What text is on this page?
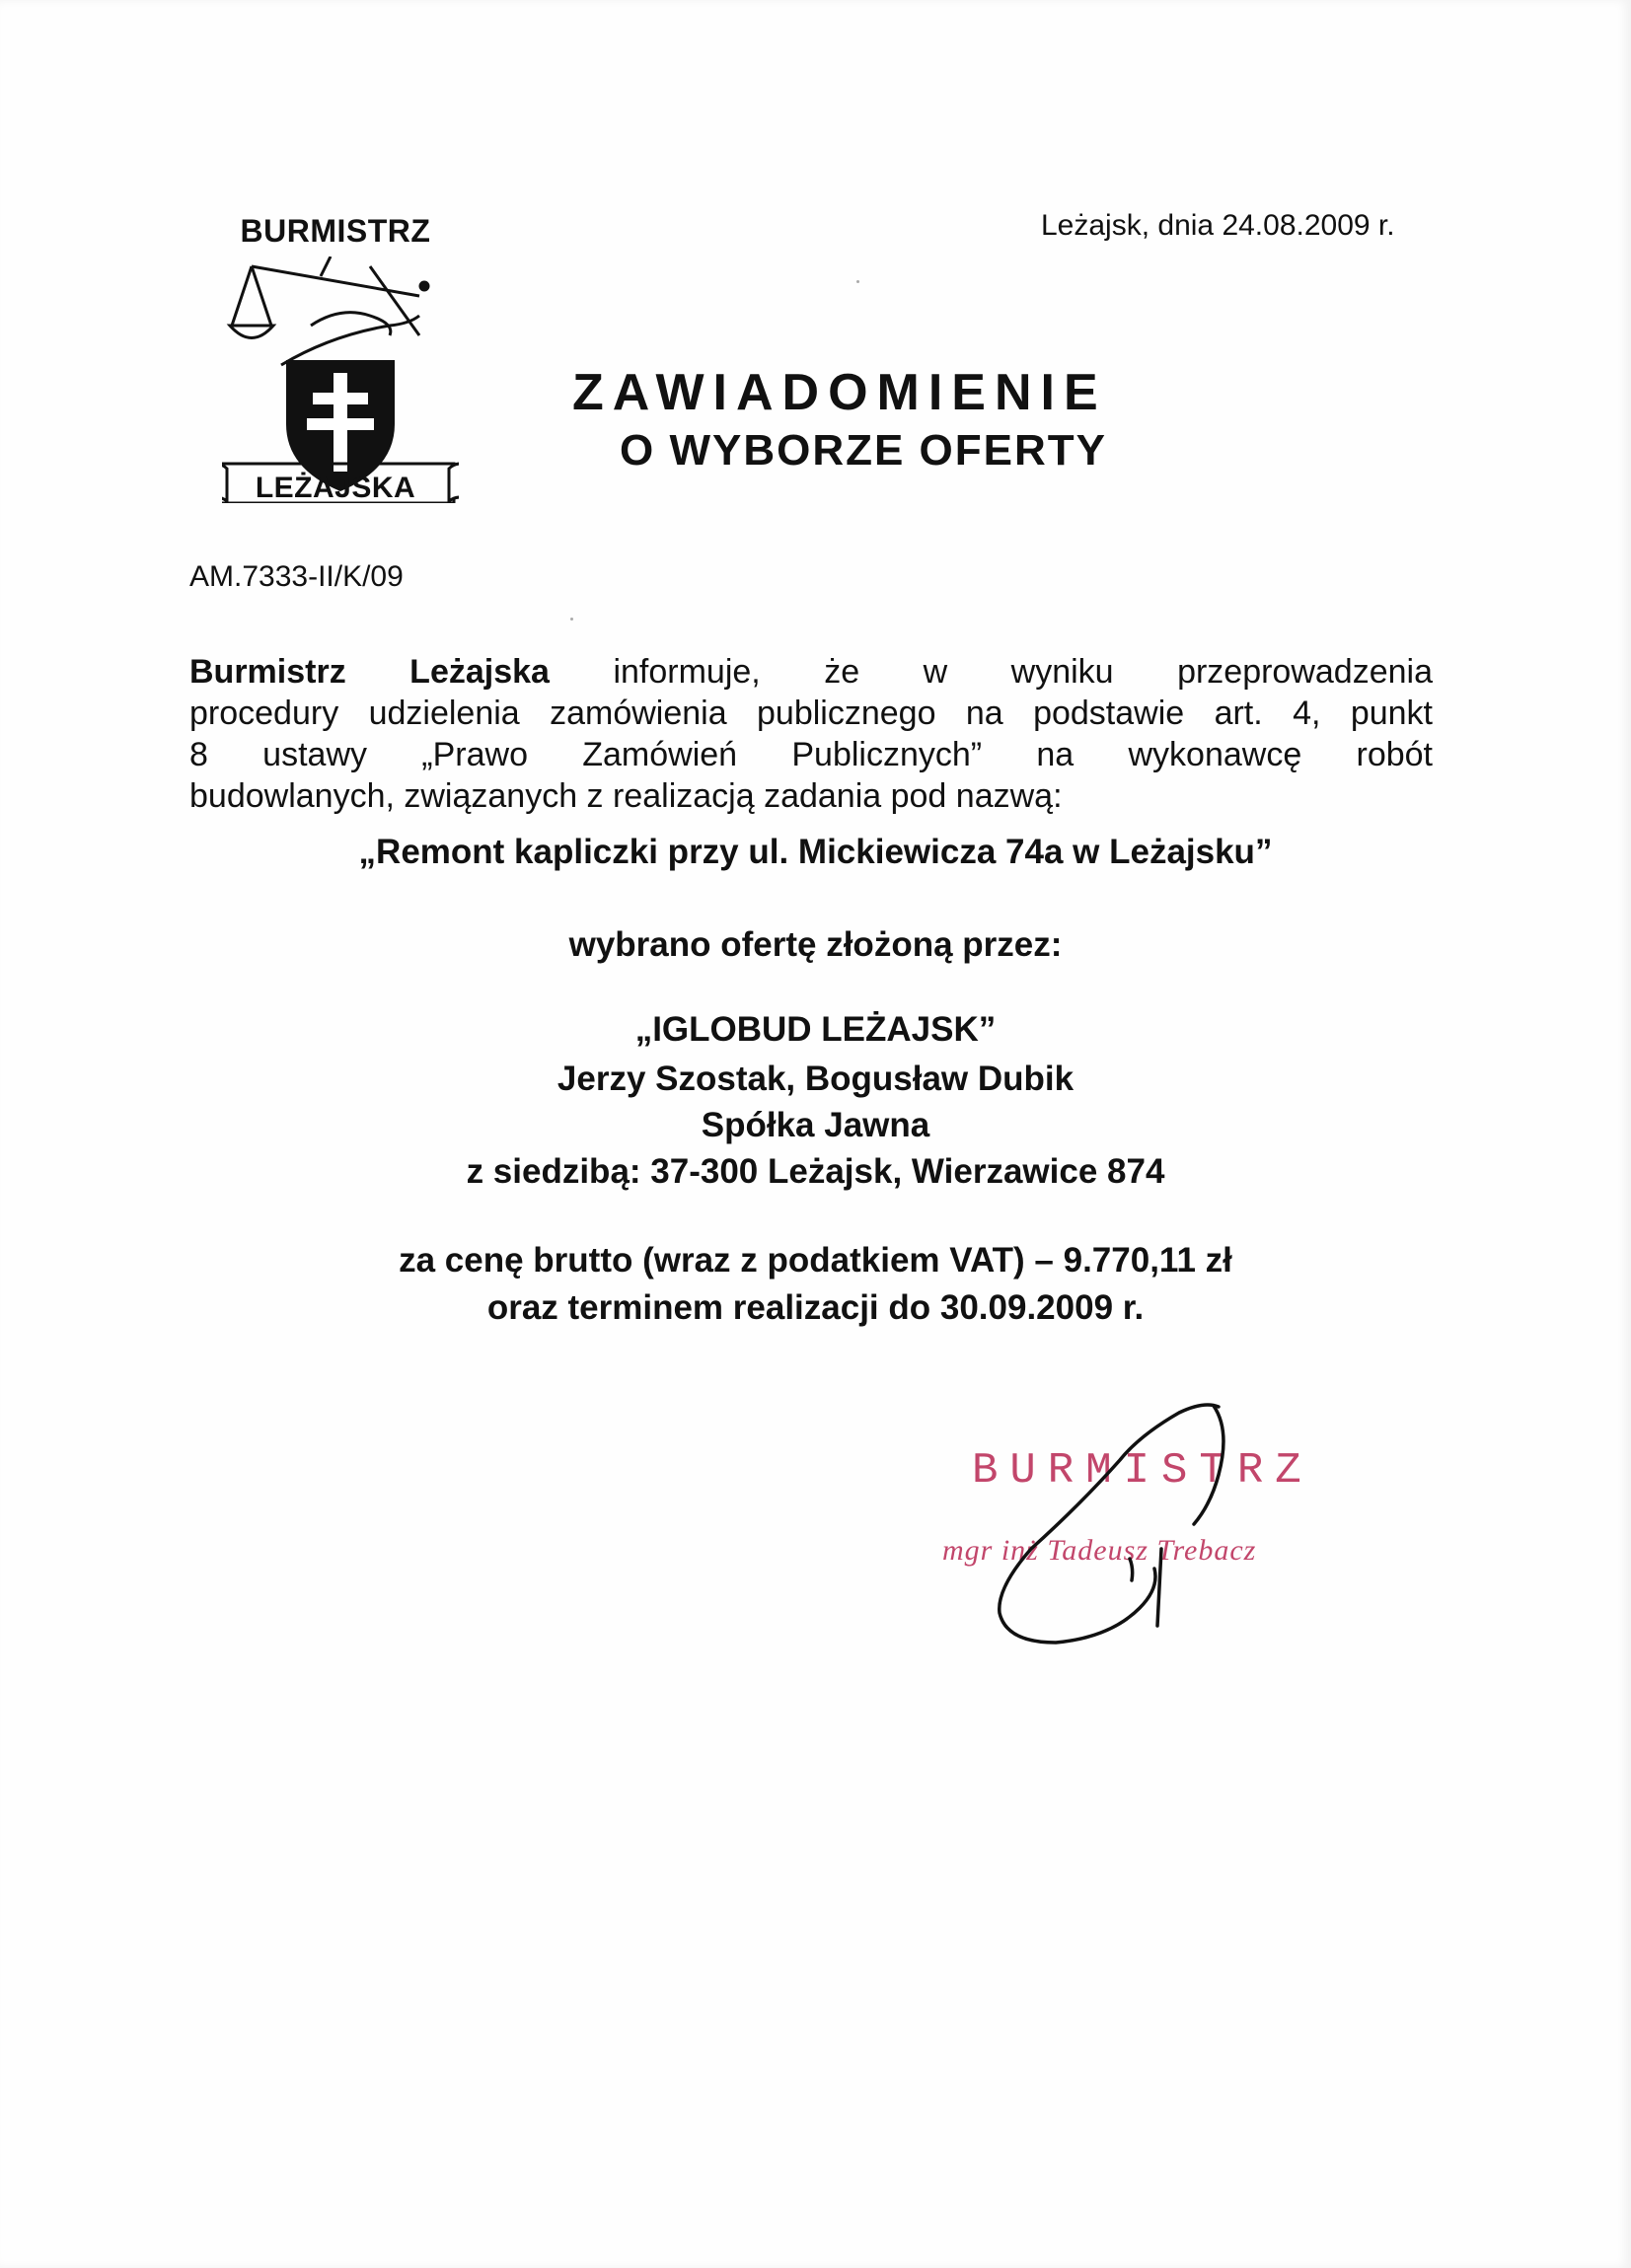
BURMISTRZ
LEŻAJSKA
Leżajsk, dnia 24.08.2009 r.
ZAWIADOMIENIE
O WYBORZE OFERTY
AM.7333-II/K/09
Burmistrz Leżajska informuje, że w wyniku przeprowadzenia
procedury udzielenia zamówienia publicznego na podstawie art. 4, punkt
8 ustawy „Prawo Zamówień Publicznych” na wykonawcę robót
budowlanych, związanych z realizacją zadania pod nazwą:
„Remont kapliczki przy ul. Mickiewicza 74a w Leżajsku”
wybrano ofertę złożoną przez:
„IGLOBUD LEŻAJSK”
Jerzy Szostak, Bogusław Dubik
Spółka Jawna
z siedzibą: 37-300 Leżajsk, Wierzawice 874
za cenę brutto (wraz z podatkiem VAT) – 9.770,11 zł
oraz terminem realizacji do 30.09.2009 r.
BURMISTRZ
mgr inż Tadeusz Trebacz
